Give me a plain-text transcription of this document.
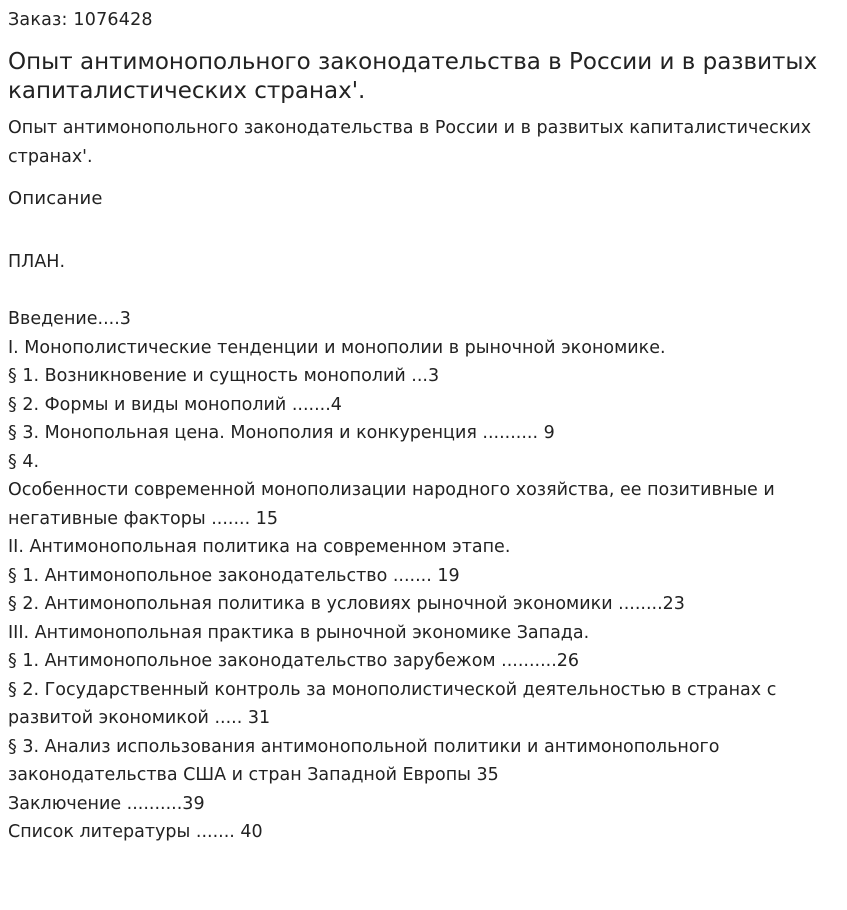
Заказ: 1076428
Опыт антимонопольного законодательства в России и в развитых капиталистических странах'.

Опыт антимонопольного законодательства в России и в развитых капиталистических странах'.

Описание
ПЛАН.
Введение....3
I. Монополистические тенденции и монополии в рыночной экономике.
§ 1. Возникновение и сущность монополий ...3
§ 2. Формы и виды монополий .......4
§ 3. Монопольная цена. Монополия и конкуренция .......... 9
§ 4.
Особенности современной монополизации народного хозяйства, ее позитивные и негативные факторы ....... 15
II. Антимонопольная политика на современном этапе.
§ 1. Антимонопольное законодательство ....... 19
§ 2. Антимонопольная политика в условиях рыночной экономики ........23
III. Антимонопольная практика в рыночной экономике Запада.
§ 1. Антимонопольное законодательство зарубежом ..........26
§ 2. Государственный контроль за монополистической деятельностью в странах с развитой экономикой ..... 31
§ 3. Анализ использования антимонопольной политики и антимонопольного законодательства США и стран Западной Европы 35
Заключение ..........39
Список литературы ....... 40
